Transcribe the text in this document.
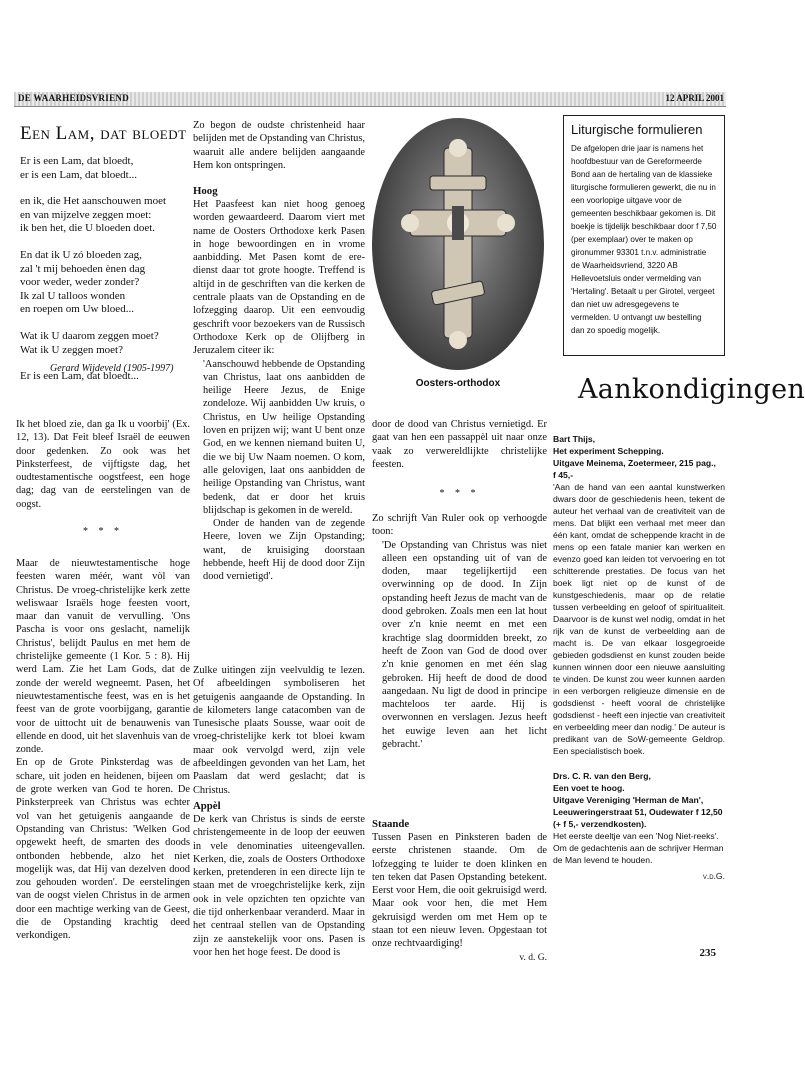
DE WAARHEIDSVRIEND	12 APRIL 2001
Een Lam, dat bloedt
Er is een Lam, dat bloedt,
er is een Lam, dat bloedt...
en ik, die Het aanschouwen moet
en van mijzelve zeggen moet:
ik ben het, die U bloeden doet.
En dat ik U zó bloeden zag,
zal 't mij behoeden ènen dag
voor weder, weder zonder?
Ik zal U talloos wonden
en roepen om Uw bloed...
Wat ik U daarom zeggen moet?
Wat ik U zeggen moet?
Er is een Lam, dat bloedt...
Gerard Wijdeveld (1905-1997)

Ik het bloed zie, dan ga Ik u voorbij' (Ex. 12, 13). Dat Feit bleef Israël de eeuwen door gedenken. Zo ook was het Pinksterfeest, de vijftigste dag, het oudtestamentische oogstfeest, een hoge dag; dag van de eerstelingen van de oogst.

* * *

Maar de nieuwtestamentische hoge feesten waren méér, want vòl van Christus. De vroeg-christelijke kerk zette weliswaar Israëls hoge feesten voort, maar dan vanuit de vervulling. 'Ons Pascha is voor ons geslacht, namelijk Christus', belijdt Paulus en met hem de christelijke gemeente (1 Kor. 5 : 8). Hij werd Lam. Zie het Lam Gods, dat de zonde der wereld wegneemt. Pasen, het nieuwtestamentische feest, was en is het feest van de grote voorbijgang, garantie voor de uittocht uit de benauwenis van ellende en dood, uit het slavenhuis van de zonde.

En op de Grote Pinksterdag was de schare, uit joden en heidenen, bijeen om de grote werken van God te horen. De Pinksterpreek van Christus was echter vol van het getuigenis aangaande de Opstanding van Christus: 'Welken God opgewekt heeft, de smarten des doods ontbonden hebbende, alzo het niet mogelijk was, dat Hij van dezelven dood zou gehouden worden'. De eerstelingen van de oogst vielen Christus in de armen door een machtige werking van de Geest, die de Opstanding krachtig deed verkondigen.

Zo begon de oudste christenheid haar belijden met de Opstanding van Christus, waaruit alle andere belijden aangaande Hem kon ontspringen.

Hoog

Het Paasfeest kan niet hoog genoeg worden gewaardeerd. Daarom viert met name de Oosters Orthodoxe kerk Pasen in hoge bewoordingen en in vrome aanbidding. Met Pasen komt de ere-dienst daar tot grote hoogte. Treffend is altijd in de geschriften van die kerken de centrale plaats van de Opstanding en de lofzegging daarop. Uit een eenvoudig geschrift voor bezoekers van de Russisch Orthodoxe Kerk op de Olijfberg in Jeruzalem citeer ik:

'Aanschouwd hebbende de Opstanding van Christus, laat ons aanbidden de heilige Heere Jezus, de Enige zondeloze. Wij aanbidden Uw kruis, o Christus, en Uw heilige Opstanding loven en prijzen wij; want U bent onze God, en we kennen niemand buiten U, die we bij Uw Naam noemen. O kom, alle gelovigen, laat ons aanbidden de heilige Opstanding van Christus, want bedenk, dat er door het kruis blijdschap is gekomen in de wereld.

Onder de handen van de zegende Heere, loven we Zijn Opstanding; want, de kruisiging doorstaan hebbende, heeft Hij de dood door Zijn dood vernietigd'.

Zulke uitingen zijn veelvuldig te lezen. Of afbeeldingen symboliseren het getuigenis aangaande de Opstanding. In de kilometers lange catacomben van de Tunesische plaats Sousse, waar ooit de vroeg-christelijke kerk tot bloei kwam maar ook vervolgd werd, zijn vele afbeeldingen gevonden van het Lam, het Paaslam dat werd geslacht; dat is Christus.

Appèl

De kerk van Christus is sinds de eerste christengemeente in de loop der eeuwen in vele denominaties uiteengevallen. Kerken, die, zoals de Oosters Orthodoxe kerken, pretenderen in een directe lijn te staan met de vroegchristelijke kerk, zijn ook in vele opzichten ten opzichte van die tijd onherkenbaar veranderd. Maar in het centraal stellen van de Opstanding zijn ze aanstekelijk voor ons. Pasen is voor hen het hoge feest. De dood is

Oosters-orthodox

door de dood van Christus vernietigd. Er gaat van hen een passappèl uit naar onze vaak zo verwereldlijkte christelijke feesten.

* * *

Zo schrijft Van Ruler ook op verhoogde toon:

'De Opstanding van Christus was niet alleen een opstanding uit of van de doden, maar tegelijkertijd een overwinning op de dood. In Zijn opstanding heeft Jezus de macht van de dood gebroken. Zoals men een lat hout over z'n knie neemt en met een krachtige slag doormidden breekt, zo heeft de Zoon van God de dood over z'n knie genomen en met één slag gebroken. Hij heeft de dood de dood aangedaan. Nu ligt de dood in principe machteloos ter aarde. Hij is overwonnen en verslagen. Jezus heeft het euwige leven aan het licht gebracht.'

Staande

Tussen Pasen en Pinksteren baden de eerste christenen staande. Om de lofzegging te luider te doen klinken en ten teken dat Pasen Opstanding betekent. Eerst voor Hem, die ooit gekruisigd werd. Maar ook voor hen, die met Hem gekruisigd werden om met Hem op te staan tot een nieuw leven. Opgestaan tot onze rechtvaardiging!

v. d. G.
Liturgische formulieren

De afgelopen drie jaar is namens het hoofdbestuur van de Gereformeerde Bond aan de hertaling van de klassieke liturgische formulieren gewerkt, die nu in een voorlopige uitgave voor de gemeenten beschikbaar gekomen is. Dit boekje is tijdelijk beschikbaar door f 7,50 (per exemplaar) over te maken op gironummer 93301 t.n.v. administratie de Waarheidsvriend, 3220 AB Hellevoetsluis onder vermelding van 'Hertaling'. Betaalt u per Girotel, vergeet dan niet uw adresgegevens te vermelden. U ontvangt uw bestelling dan zo spoedig mogelijk.

Aankondigingen

Bart Thijs,

Het experiment Schepping.

Uitgave Meinema, Zoetermeer, 215 pag.,

f 45,-

'Aan de hand van een aantal kunstwerken dwars door de geschiedenis heen, tekent de auteur het verhaal van de creativiteit van de mens. Dat blijkt een verhaal met meer dan één kant, omdat de scheppende kracht in de mens op een fatale manier kan werken en evenzo goed kan leiden tot vervoering en tot schitterende prestaties. De focus van het boek ligt niet op de kunst of de kunstgeschiedenis, maar op de relatie tussen verbeelding en geloof of spiritualiteit. Daarvoor is de kunst wel nodig, omdat in het rijk van de kunst de verbeelding aan de macht is. De van elkaar losgegroeide gebieden godsdienst en kunst zouden beide kunnen winnen door een nieuwe aansluiting te vinden. De kunst zou weer kunnen aarden in een verborgen religieuze dimensie en de godsdienst - heeft vooral de christelijke godsdienst - heeft een injectie van creativiteit en verbeelding meer dan nodig.' De auteur is predikant van de SoW-gemeente Geldrop. Een specialistisch boek.

Drs. C. R. van den Berg,

Een voet te hoog.

Uitgave Vereniging 'Herman de Man', Leeuweringerstraat 51, Oudewater f 12,50 (+ f 5,- verzendkosten).

Het eerste deeltje van een 'Nog Niet-reeks'. Om de gedachtenis aan de schrijver Herman de Man levend te houden.

v.d.G.

235
